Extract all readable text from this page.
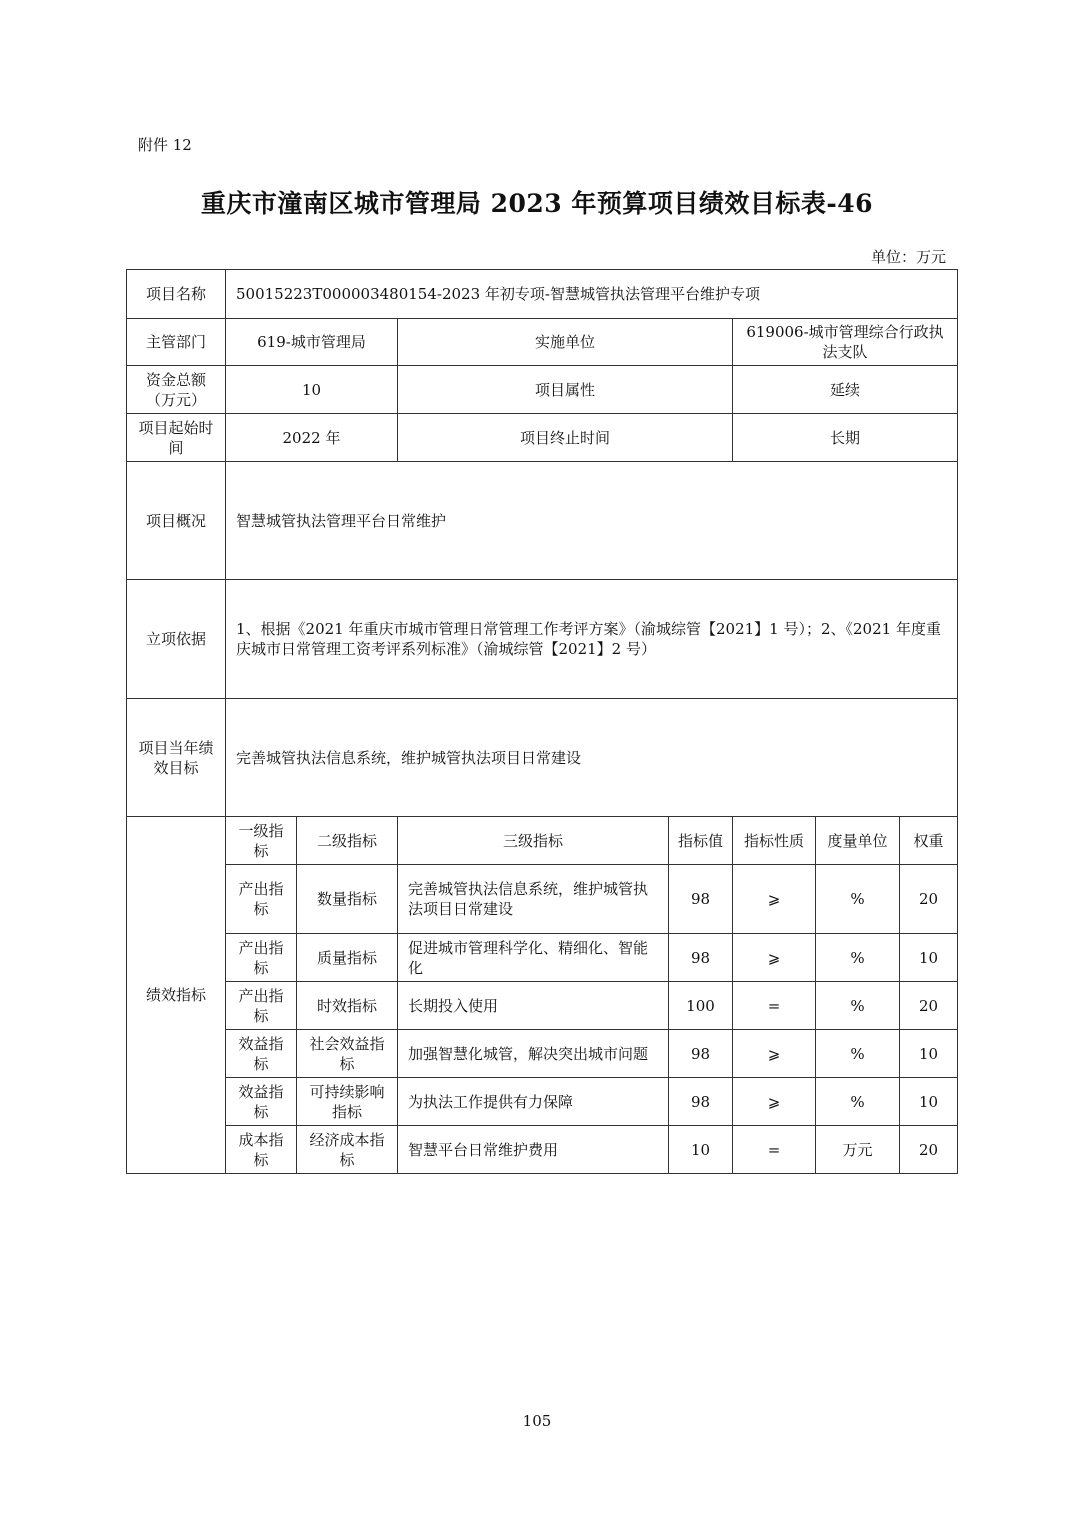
附件 12
重庆市潼南区城市管理局 2023 年预算项目绩效目标表-46
单位：万元
项目名称	50015223T000003480154-2023 年初专项-智慧城管执法管理平台维护专项						
主管部门	619-城市管理局		实施单位		619006-城市管理综合行政执法支队		
资金总额（万元）	10		项目属性		延续		
项目起始时间	2022 年		项目终止时间		长期		
项目概况	智慧城管执法管理平台日常维护						
立项依据	1、根据《2021 年重庆市城市管理日常管理工作考评方案》（渝城综管【2021】1 号）；2、《2021 年度重庆城市日常管理工资考评系列标准》（渝城综管【2021】2 号）						
项目当年绩效目标	完善城管执法信息系统，维护城管执法项目日常建设						
绩效指标	一级指标	二级指标	三级指标	指标值	指标性质	度量单位	权重
	产出指标	数量指标	完善城管执法信息系统，维护城管执法项目日常建设	98	⩾	%	20
	产出指标	质量指标	促进城市管理科学化、精细化、智能化	98	⩾	%	10
	产出指标	时效指标	长期投入使用	100	=	%	20
	效益指标	社会效益指标	加强智慧化城管，解决突出城市问题	98	⩾	%	10
	效益指标	可持续影响指标	为执法工作提供有力保障	98	⩾	%	10
	成本指标	经济成本指标	智慧平台日常维护费用	10	=	万元	20
105
